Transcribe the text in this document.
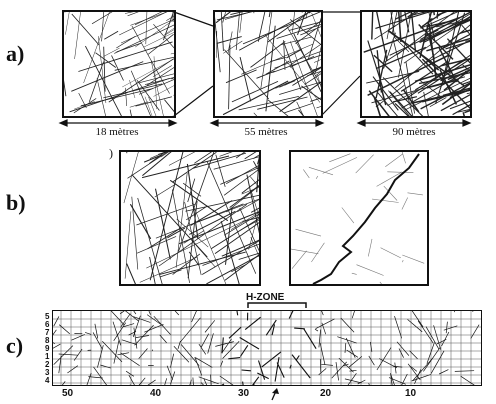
a)
b)
c)
18 mètres	55 mètres	90 mètres
)
H-ZONE
5
6
7
8
9
1
2
3
4
50	40	30	20	10
